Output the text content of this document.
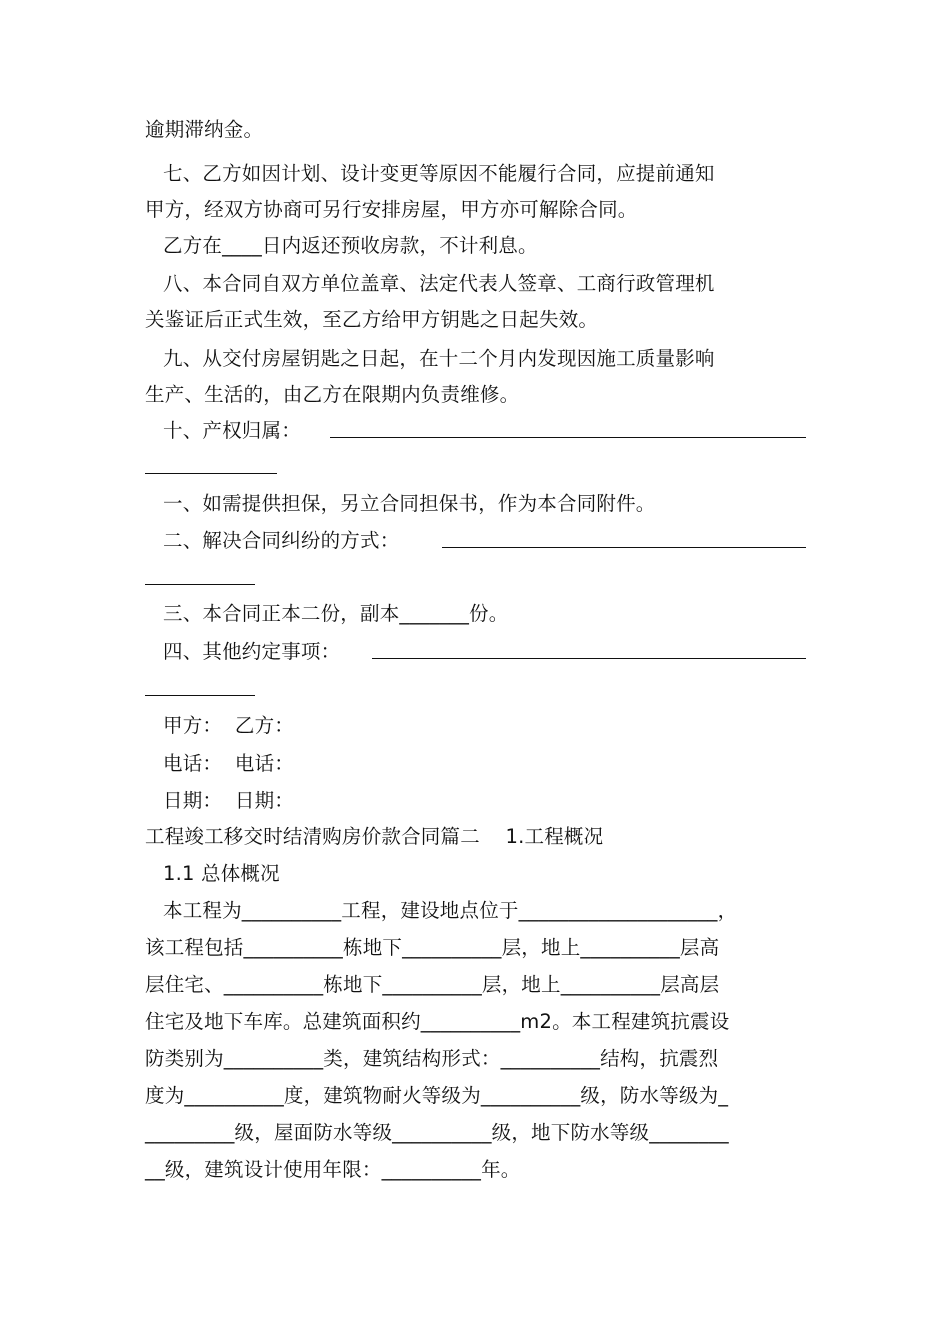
逾期滞纳金。
七、乙方如因计划、设计变更等原因不能履行合同，应提前通知
甲方，经双方协商可另行安排房屋，甲方亦可解除合同。
乙方在____日内返还预收房款，不计利息。
八、本合同自双方单位盖章、法定代表人签章、工商行政管理机
关鉴证后正式生效，至乙方给甲方钥匙之日起失效。
九、从交付房屋钥匙之日起，在十二个月内发现因施工质量影响
生产、生活的，由乙方在限期内负责维修。
十、产权归属：
一、如需提供担保，另立合同担保书，作为本合同附件。
二、解决合同纠纷的方式：
三、本合同正本二份，副本_______份。
四、其他约定事项：
甲方：  乙方：
电话：  电话：
日期：  日期：
工程竣工移交时结清购房价款合同篇二    1.工程概况
1.1 总体概况
本工程为__________工程，建设地点位于____________________，
该工程包括__________栋地下__________层，地上__________层高
层住宅、__________栋地下__________层，地上__________层高层
住宅及地下车库。总建筑面积约__________m2。本工程建筑抗震设
防类别为__________类，建筑结构形式：__________结构，抗震烈
度为__________度，建筑物耐火等级为__________级，防水等级为_
_________级，屋面防水等级__________级，地下防水等级________
__级，建筑设计使用年限：__________年。
